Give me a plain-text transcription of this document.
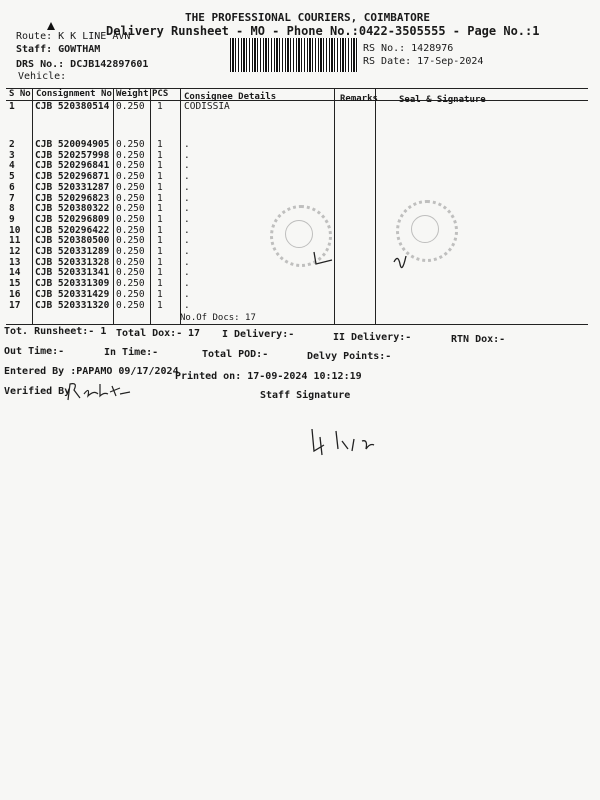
THE PROFESSIONAL COURIERS, COIMBATORE
Delivery Runsheet - MO - Phone No.:0422-3505555 - Page No.:1
Route: K K LINE AVN
Staff: GOWTHAM
DRS No.: DCJB142897601
Vehicle:
RS No.: 1428976
RS Date: 17-Sep-2024
S No Consignment No Weight PCS Consignee Details	Remarks Seal & Signature
1 CJB 520380514 0.250 1 CODISSIA
2 CJB 520094905 0.250 1 .
3 CJB 520257998 0.250 1 .
4 CJB 520296841 0.250 1 .
5 CJB 520296871 0.250 1 .
6 CJB 520331287 0.250 1 .
7 CJB 520296823 0.250 1 .
8 CJB 520380322 0.250 1 .
9 CJB 520296809 0.250 1 .
10 CJB 520296422 0.250 1 .
11 CJB 520380500 0.250 1 .
12 CJB 520331289 0.250 1 .
13 CJB 520331328 0.250 1 .
14 CJB 520331341 0.250 1 .
15 CJB 520331309 0.250 1 .
16 CJB 520331429 0.250 1 .
17 CJB 520331320 0.250 1 .
No.Of Docs: 17
Tot. Runsheet:- 1 Total Dox:- 17 I Delivery:-	II Delivery:-	RTN Dox:-
Out Time:-	In Time:-	Total POD:-	Delvy Points:-
Entered By :PAPAMO 09/17/2024
Printed on: 17-09-2024 10:12:19
Verified By	Staff Signature
